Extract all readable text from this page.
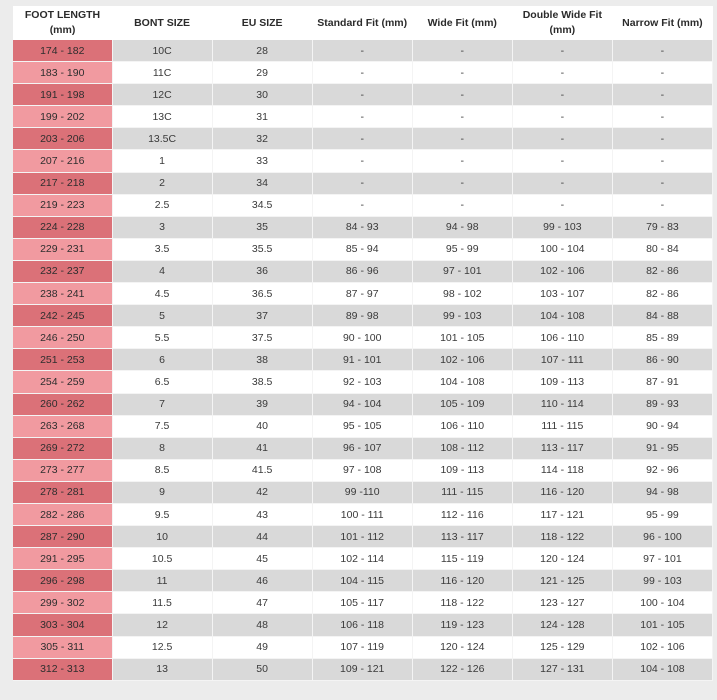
FOOT LENGTH (mm)	BONT SIZE	EU SIZE	Standard Fit (mm)	Wide Fit (mm)	Double Wide Fit (mm)	Narrow Fit (mm)
174 - 182	10C	28	-	-	-	-
183 - 190	11C	29	-	-	-	-
191 - 198	12C	30	-	-	-	-
199 - 202	13C	31	-	-	-	-
203 - 206	13.5C	32	-	-	-	-
207 - 216	1	33	-	-	-	-
217 - 218	2	34	-	-	-	-
219 - 223	2.5	34.5	-	-	-	-
224 - 228	3	35	84 - 93	94 - 98	99 - 103	79 - 83
229 - 231	3.5	35.5	85 - 94	95 - 99	100 - 104	80 - 84
232 - 237	4	36	86 - 96	97 - 101	102 - 106	82 - 86
238 - 241	4.5	36.5	87 - 97	98 - 102	103 - 107	82 - 86
242 - 245	5	37	89 - 98	99 - 103	104 - 108	84 - 88
246 - 250	5.5	37.5	90 - 100	101 - 105	106 - 110	85 - 89
251 - 253	6	38	91 - 101	102 - 106	107 - 111	86 - 90
254 - 259	6.5	38.5	92 - 103	104 - 108	109 - 113	87 - 91
260 - 262	7	39	94 - 104	105 - 109	110 - 114	89 - 93
263 - 268	7.5	40	95 - 105	106 - 110	111 - 115	90 - 94
269 - 272	8	41	96 - 107	108 - 112	113 - 117	91 - 95
273 - 277	8.5	41.5	97 - 108	109 - 113	114 - 118	92 - 96
278 - 281	9	42	99 -110	111 - 115	116 - 120	94 - 98
282 - 286	9.5	43	100 - 111	112 - 116	117 - 121	95 - 99
287 - 290	10	44	101 - 112	113 - 117	118 - 122	96 - 100
291 - 295	10.5	45	102 - 114	115 - 119	120 - 124	97 - 101
296 - 298	11	46	104 - 115	116 - 120	121 - 125	99 - 103
299 - 302	11.5	47	105 - 117	118 - 122	123 - 127	100 - 104
303 - 304	12	48	106 - 118	119 - 123	124 - 128	101 - 105
305 - 311	12.5	49	107 - 119	120 - 124	125 - 129	102 - 106
312 - 313	13	50	109 - 121	122 - 126	127 - 131	104 - 108
